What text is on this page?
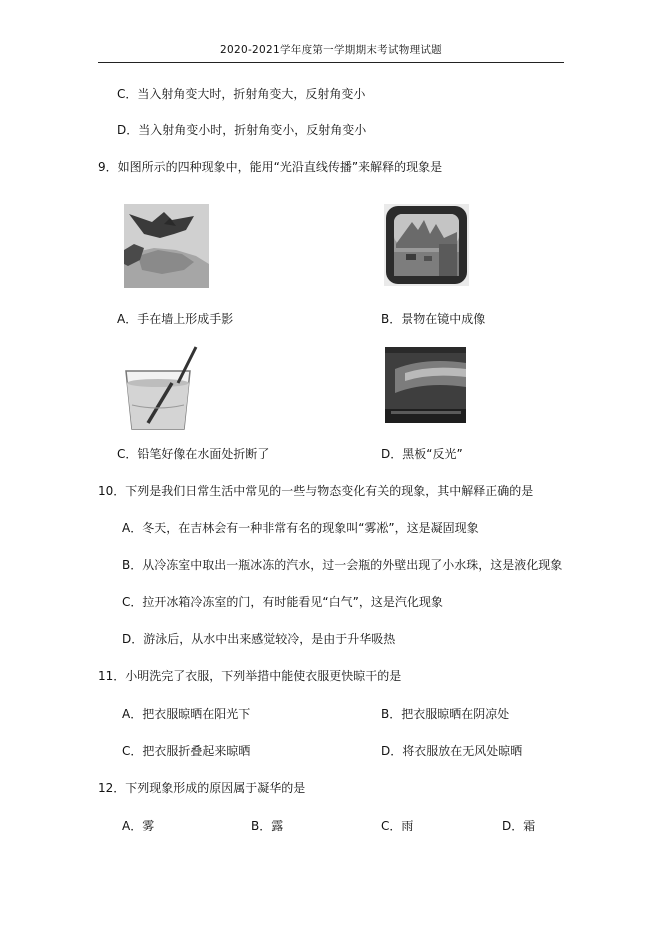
2020-2021学年度第一学期期末考试物理试题
C．当入射角变大时，折射角变大，反射角变小
D．当入射角变小时，折射角变小，反射角变小
9．如图所示的四种现象中，能用“光沿直线传播”来解释的现象是
A．手在墙上形成手影	B．景物在镜中成像
C．铅笔好像在水面处折断了	D．黑板“反光”
10．下列是我们日常生活中常见的一些与物态变化有关的现象，其中解释正确的是
A．冬天，在吉林会有一种非常有名的现象叫“雾凇”，这是凝固现象
B．从冷冻室中取出一瓶冰冻的汽水，过一会瓶的外壁出现了小水珠，这是液化现象
C．拉开冰箱冷冻室的门，有时能看见“白气”，这是汽化现象
D．游泳后，从水中出来感觉较冷，是由于升华吸热
11．小明洗完了衣服，下列举措中能使衣服更快晾干的是
A．把衣服晾晒在阳光下	B．把衣服晾晒在阴凉处
C．把衣服折叠起来晾晒	D．将衣服放在无风处晾晒
12．下列现象形成的原因属于凝华的是
A．雾	B．露	C．雨	D．霜
